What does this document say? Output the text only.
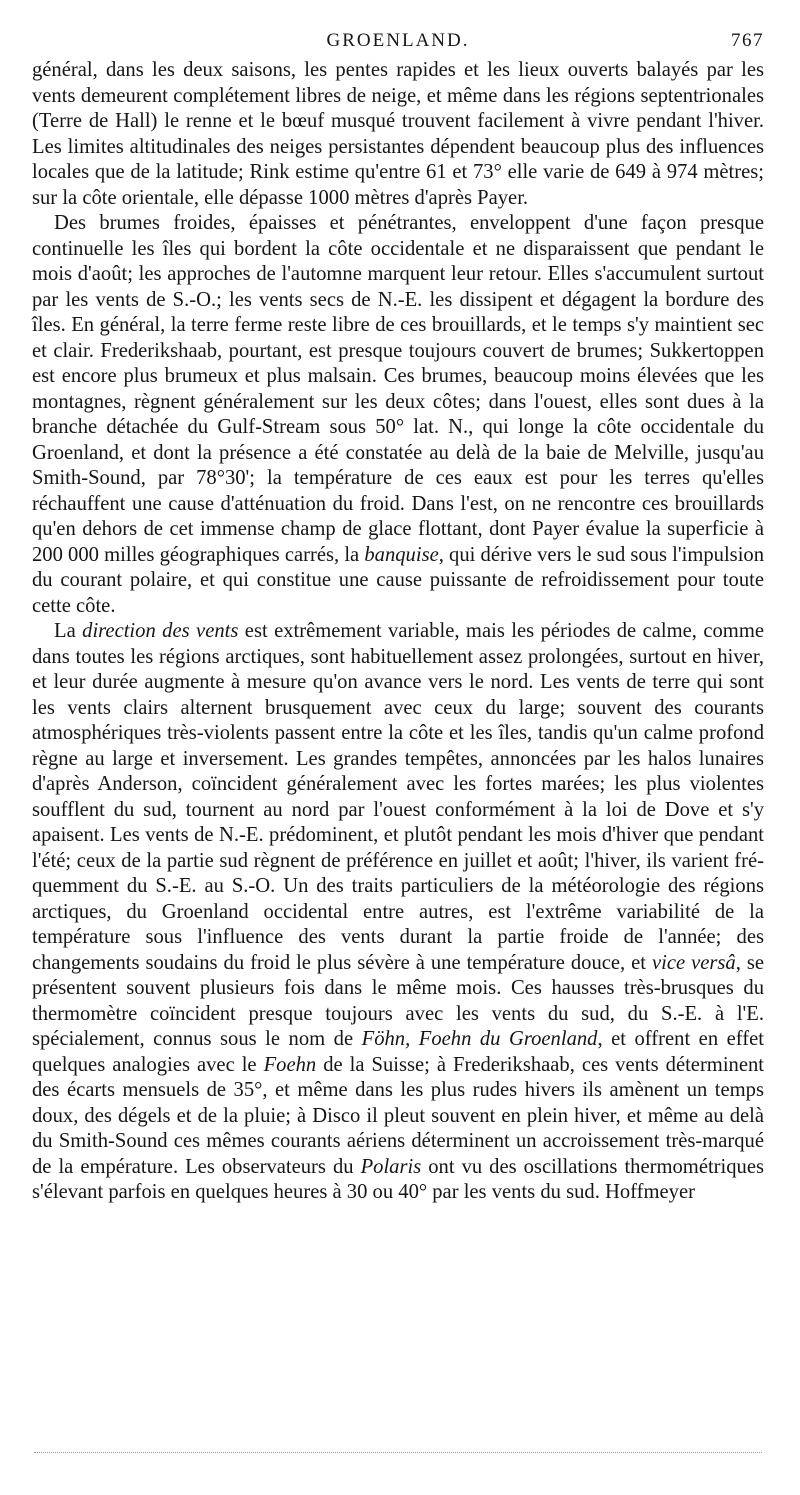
GROENLAND.	767

général, dans les deux saisons, les pentes rapides et les lieux ouverts balayés par les vents demeurent complétement libres de neige, et même dans les régions septentrionales (Terre de Hall) le renne et le bœuf musqué trouvent facilement à vivre pendant l'hiver. Les limites altitudinales des neiges persistantes dépendent beaucoup plus des influences locales que de la latitude; Rink estime qu'entre 61 et 73° elle varie de 649 à 974 mètres; sur la côte orientale, elle dépasse 1000 mètres d'après Payer.

Des brumes froides, épaisses et pénétrantes, enveloppent d'une façon presque continuelle les îles qui bordent la côte occidentale et ne disparaissent que pendant le mois d'août; les approches de l'automne marquent leur retour. Elles s'accumulent surtout par les vents de S.-O.; les vents secs de N.-E. les dissipent et dégagent la bordure des îles. En général, la terre ferme reste libre de ces brouillards, et le temps s'y maintient sec et clair. Frederikshaab, pourtant, est presque toujours couvert de brumes; Sukkertoppen est encore plus brumeux et plus malsain. Ces brumes, beaucoup moins élevées que les montagnes, règnent généralement sur les deux côtes; dans l'ouest, elles sont dues à la branche détachée du Gulf-Stream sous 50° lat. N., qui longe la côte occidentale du Groenland, et dont la présence a été constatée au delà de la baie de Melville, jusqu'au Smith-Sound, par 78°30'; la température de ces eaux est pour les terres qu'elles réchauffent une cause d'atténuation du froid. Dans l'est, on ne rencontre ces brouillards qu'en dehors de cet immense champ de glace flottant, dont Payer évalue la superficie à 200 000 milles géographiques carrés, la banquise, qui dérive vers le sud sous l'impulsion du courant polaire, et qui constitue une cause puissante de refroidissement pour toute cette côte.

La direction des vents est extrêmement variable, mais les périodes de calme, comme dans toutes les régions arctiques, sont habituellement assez prolongées, surtout en hiver, et leur durée augmente à mesure qu'on avance vers le nord. Les vents de terre qui sont les vents clairs alternent brusquement avec ceux du large; souvent des courants atmosphériques très-violents passent entre la côte et les îles, tandis qu'un calme profond règne au large et inversement. Les grandes tempêtes, annoncées par les halos lunaires d'après Anderson, coïncident généralement avec les fortes marées; les plus violentes soufflent du sud, tournent au nord par l'ouest conformément à la loi de Dove et s'y apaisent. Les vents de N.-E. prédominent, et plutôt pendant les mois d'hiver que pendant l'été; ceux de la partie sud règnent de préférence en juillet et août; l'hiver, ils varient fréquemment du S.-E. au S.-O. Un des traits particuliers de la météorologie des régions arctiques, du Groenland occidental entre autres, est l'extrême variabilité de la température sous l'influence des vents durant la partie froide de l'année; des changements soudains du froid le plus sévère à une température douce, et vice versâ, se présentent souvent plusieurs fois dans le même mois. Ces hausses très-brusques du thermomètre coïncident presque toujours avec les vents du sud, du S.-E. à l'E. spécialement, connus sous le nom de Föhn, Foehn du Groenland, et offrent en effet quelques analogies avec le Foehn de la Suisse; à Frederikshaab, ces vents déterminent des écarts mensuels de 35°, et même dans les plus rudes hivers ils amènent un temps doux, des dégels et de la pluie; à Disco il pleut souvent en plein hiver, et même au delà du Smith-Sound ces mêmes courants aériens déterminent un accroissement très-marqué de la empérature. Les observateurs du Polaris ont vu des oscillations thermométriques s'élevant parfois en quelques heures à 30 ou 40° par les vents du sud. Hoffmeyer
